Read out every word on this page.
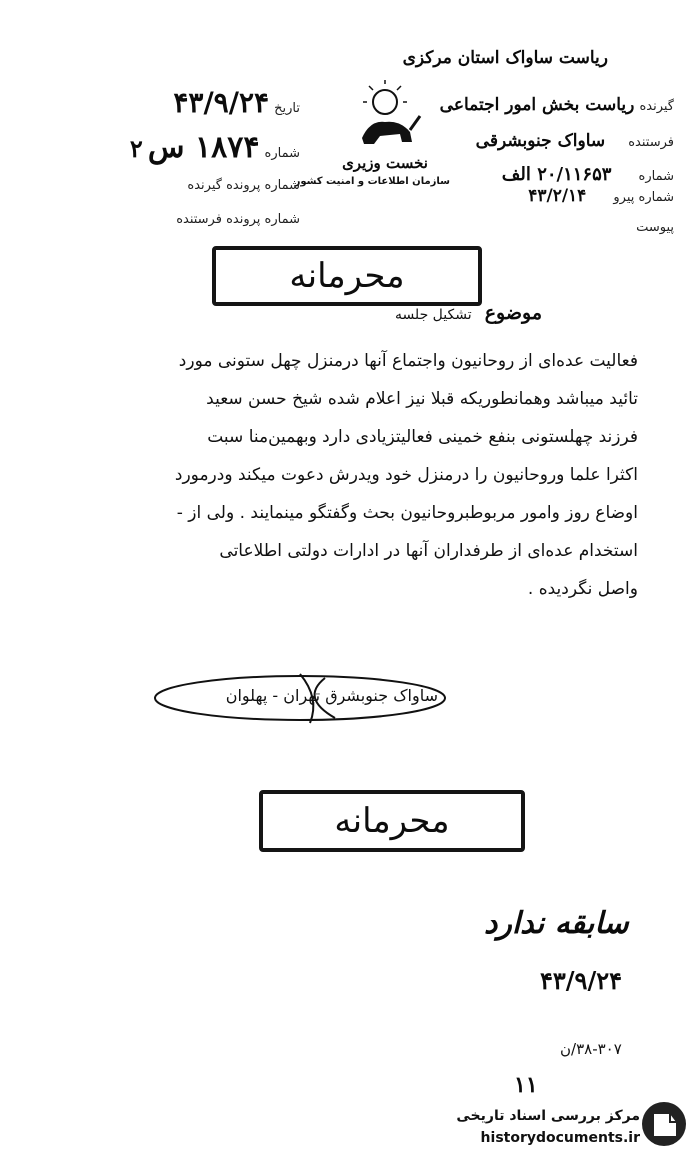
ریاست ساواک استان مرکزی
گیرنده ریاست بخش امور اجتماعی
فرستنده ساواک جنوبشرقی
شماره ۲۰/۱۱۶۵۳ الف
شماره پیرو ۴۳/۲/۱۴
پیوست
نخست وزیری
سازمان اطلاعات و امنیت کشور
تاریخ ۴۳/۹/۲۴
شماره ۱۸۷۴ س ۲
شماره پرونده گیرنده
شماره پرونده فرستنده
محرمانه
موضوع تشکیل جلسه

فعالیت عده‌ای از روحانیون واجتماع آنها درمنزل چهل ستونی مورد

تائید میباشد وهمانطوریکه قبلا نیز اعلام شده شیخ حسن سعید

فرزند چهلستونی بنفع خمینی فعالیتزیادی دارد وبهمین‌منا سبت

اکثرا علما وروحانیون را درمنزل خود ویدرش دعوت میکند ودرمورد

اوضاع روز وامور مربوطبروحانیون بحث وگفتگو مینمایند . ولی از -

استخدام عده‌ای از طرفداران آنها در ادارات دولتی اطلاعاتی

واصل نگردیده .

ساواک جنوبشرق تهران - پهلوان
محرمانه
سابقه ندارد
۴۳/۹/۲۴
۳۸-۳۰۷/ن
۱۱
مرکز بررسی اسناد تاریخی
historydocuments.ir
